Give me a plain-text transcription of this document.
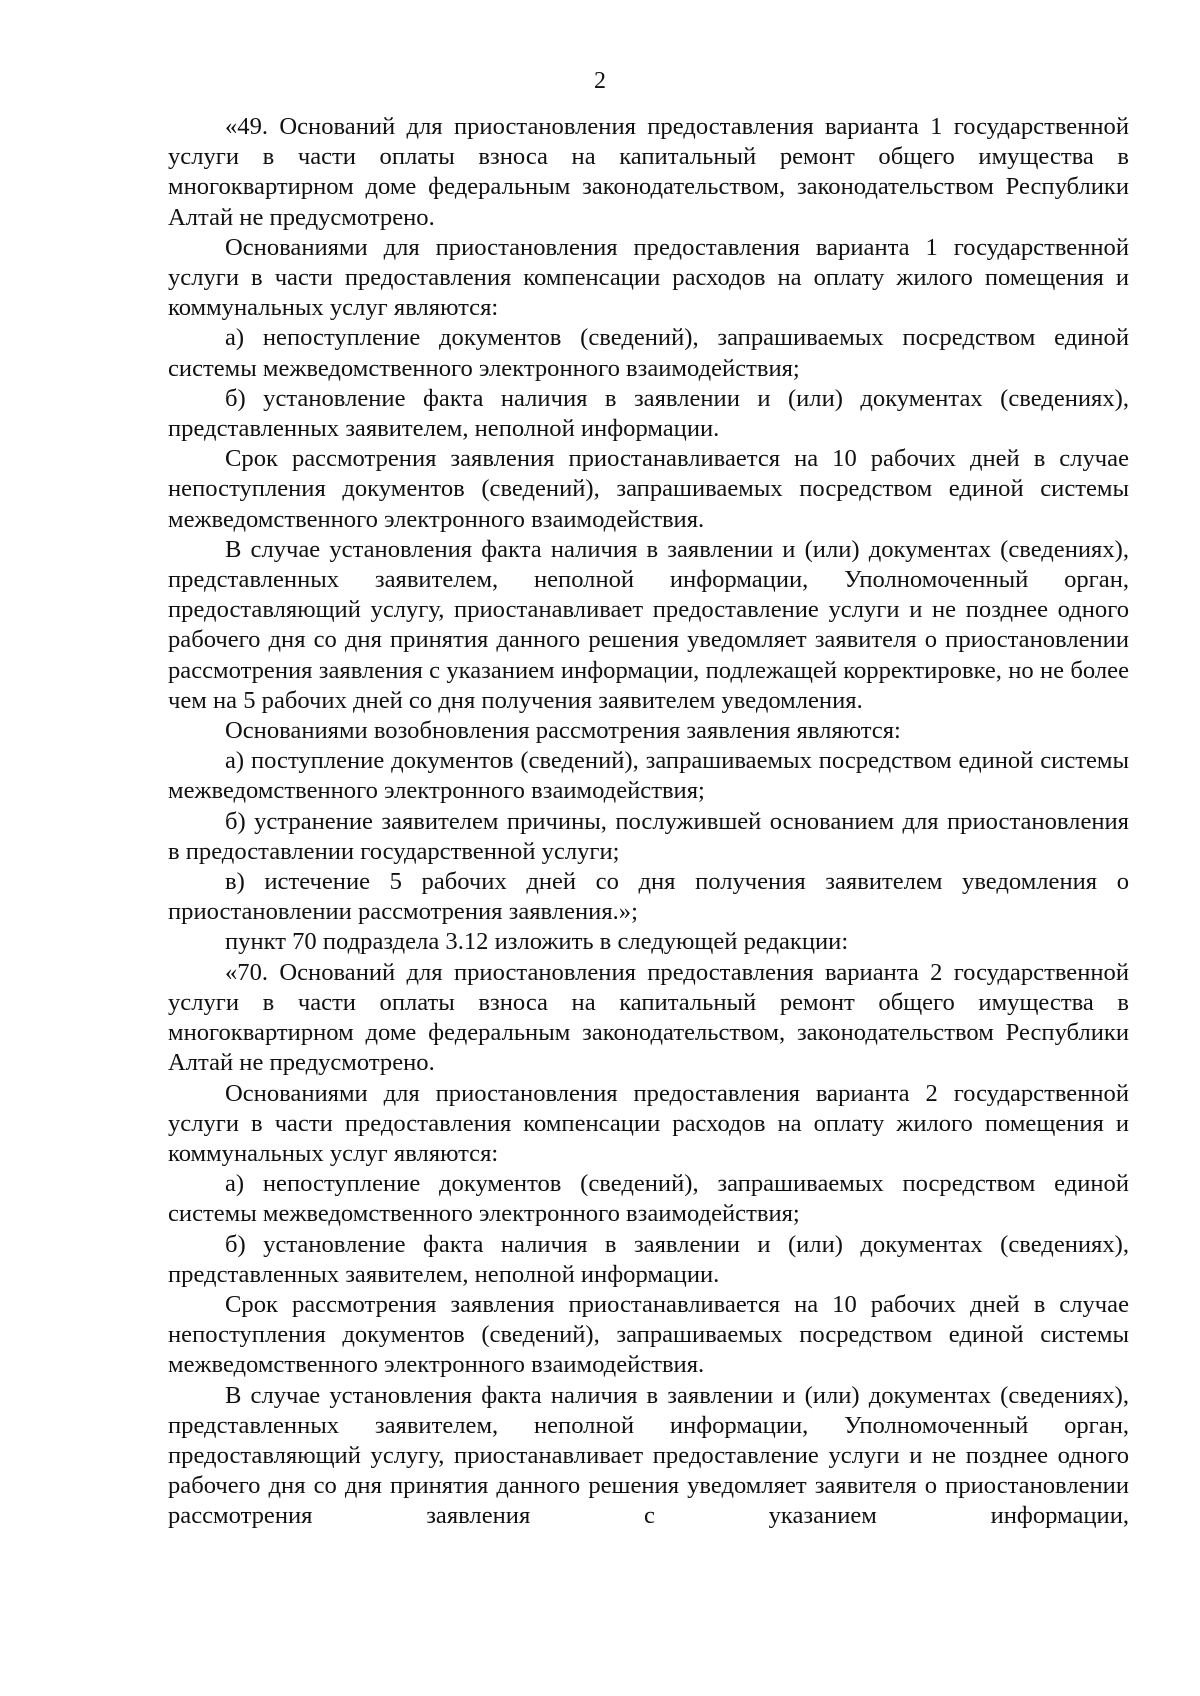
2

«49. Оснований для приостановления предоставления варианта 1 государственной услуги в части оплаты взноса на капитальный ремонт общего имущества в многоквартирном доме федеральным законодательством, законодательством Республики Алтай не предусмотрено.

Основаниями для приостановления предоставления варианта 1 государственной услуги в части предоставления компенсации расходов на оплату жилого помещения и коммунальных услуг являются:

а) непоступление документов (сведений), запрашиваемых посредством единой системы межведомственного электронного взаимодействия;

б) установление факта наличия в заявлении и (или) документах (сведениях), представленных заявителем, неполной информации.

Срок рассмотрения заявления приостанавливается на 10 рабочих дней в случае непоступления документов (сведений), запрашиваемых посредством единой системы межведомственного электронного взаимодействия.

В случае установления факта наличия в заявлении и (или) документах (сведениях), представленных заявителем, неполной информации, Уполномоченный орган, предоставляющий услугу, приостанавливает предоставление услуги и не позднее одного рабочего дня со дня принятия данного решения уведомляет заявителя о приостановлении рассмотрения заявления с указанием информации, подлежащей корректировке, но не более чем на 5 рабочих дней со дня получения заявителем уведомления.

Основаниями возобновления рассмотрения заявления являются:

а) поступление документов (сведений), запрашиваемых посредством единой системы межведомственного электронного взаимодействия;

б) устранение заявителем причины, послужившей основанием для приостановления в предоставлении государственной услуги;

в) истечение 5 рабочих дней со дня получения заявителем уведомления о приостановлении рассмотрения заявления.»;

пункт 70 подраздела 3.12 изложить в следующей редакции:

«70. Оснований для приостановления предоставления варианта 2 государственной услуги в части оплаты взноса на капитальный ремонт общего имущества в многоквартирном доме федеральным законодательством, законодательством Республики Алтай не предусмотрено.

Основаниями для приостановления предоставления варианта 2 государственной услуги в части предоставления компенсации расходов на оплату жилого помещения и коммунальных услуг являются:

а) непоступление документов (сведений), запрашиваемых посредством единой системы межведомственного электронного взаимодействия;

б) установление факта наличия в заявлении и (или) документах (сведениях), представленных заявителем, неполной информации.

Срок рассмотрения заявления приостанавливается на 10 рабочих дней в случае непоступления документов (сведений), запрашиваемых посредством единой системы межведомственного электронного взаимодействия.

В случае установления факта наличия в заявлении и (или) документах (сведениях), представленных заявителем, неполной информации, Уполномоченный орган, предоставляющий услугу, приостанавливает предоставление услуги и не позднее одного рабочего дня со дня принятия данного решения уведомляет заявителя о приостановлении рассмотрения заявления с указанием информации,
